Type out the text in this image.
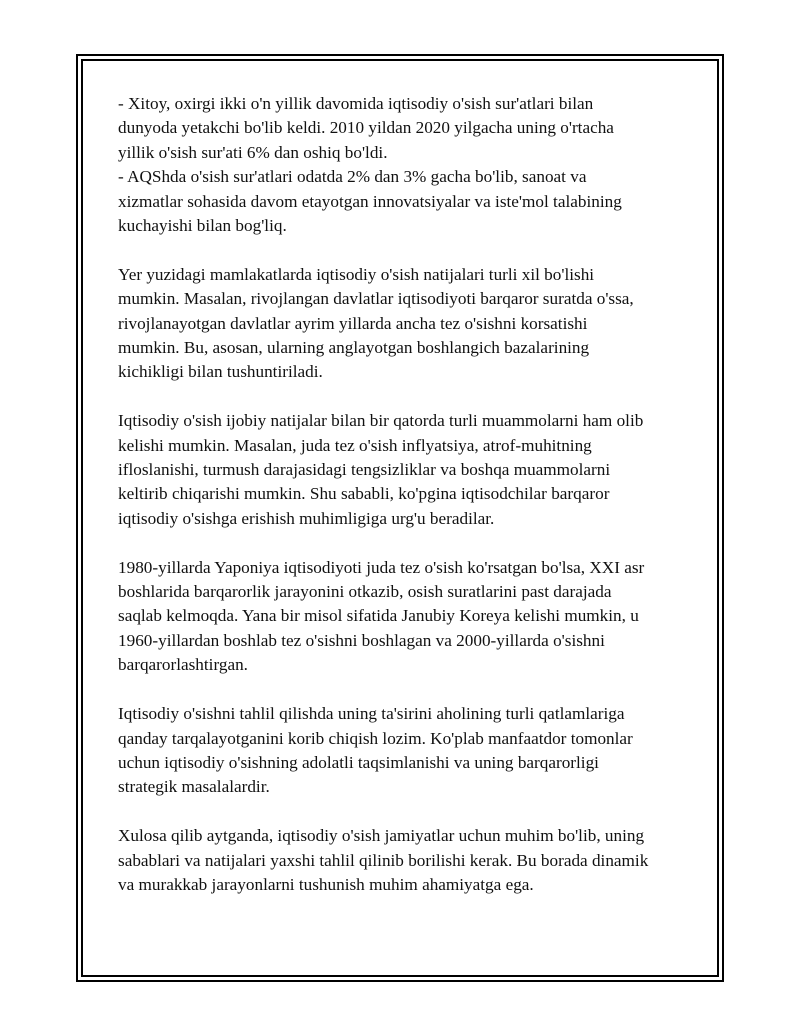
- Xitoy, oxirgi ikki o'n yillik davomida iqtisodiy o'sish sur'atlari bilan
dunyoda yetakchi bo'lib keldi. 2010 yildan 2020 yilgacha uning o'rtacha
yillik o'sish sur'ati 6% dan oshiq bo'ldi.
- AQShda o'sish sur'atlari odatda 2% dan 3% gacha bo'lib, sanoat va
xizmatlar sohasida davom etayotgan innovatsiyalar va iste'mol talabining
kuchayishi bilan bog'liq.

Yer yuzidagi mamlakatlarda iqtisodiy o'sish natijalari turli xil bo'lishi
mumkin. Masalan, rivojlangan davlatlar iqtisodiyoti barqaror suratda o'ssa,
rivojlanayotgan davlatlar ayrim yillarda ancha tez o'sishni korsatishi
mumkin. Bu, asosan, ularning anglayotgan boshlangich bazalarining
kichikligi bilan tushuntiriladi.

Iqtisodiy o'sish ijobiy natijalar bilan bir qatorda turli muammolarni ham olib
kelishi mumkin. Masalan, juda tez o'sish inflyatsiya, atrof-muhitning
ifloslanishi, turmush darajasidagi tengsizliklar va boshqa muammolarni
keltirib chiqarishi mumkin. Shu sababli, ko'pgina iqtisodchilar barqaror
iqtisodiy o'sishga erishish muhimligiga urg'u beradilar.

1980-yillarda Yaponiya iqtisodiyoti juda tez o'sish ko'rsatgan bo'lsa, XXI asr
boshlarida barqarorlik jarayonini otkazib, osish suratlarini past darajada
saqlab kelmoqda. Yana bir misol sifatida Janubiy Koreya kelishi mumkin, u
1960-yillardan boshlab tez o'sishni boshlagan va 2000-yillarda o'sishni
barqarorlashtirgan.

Iqtisodiy o'sishni tahlil qilishda uning ta'sirini aholining turli qatlamlariga
qanday tarqalayotganini korib chiqish lozim. Ko'plab manfaatdor tomonlar
uchun iqtisodiy o'sishning adolatli taqsimlanishi va uning barqarorligi
strategik masalalardir.

Xulosa qilib aytganda, iqtisodiy o'sish jamiyatlar uchun muhim bo'lib, uning
sabablari va natijalari yaxshi tahlil qilinib borilishi kerak. Bu borada dinamik
va murakkab jarayonlarni tushunish muhim ahamiyatga ega.
